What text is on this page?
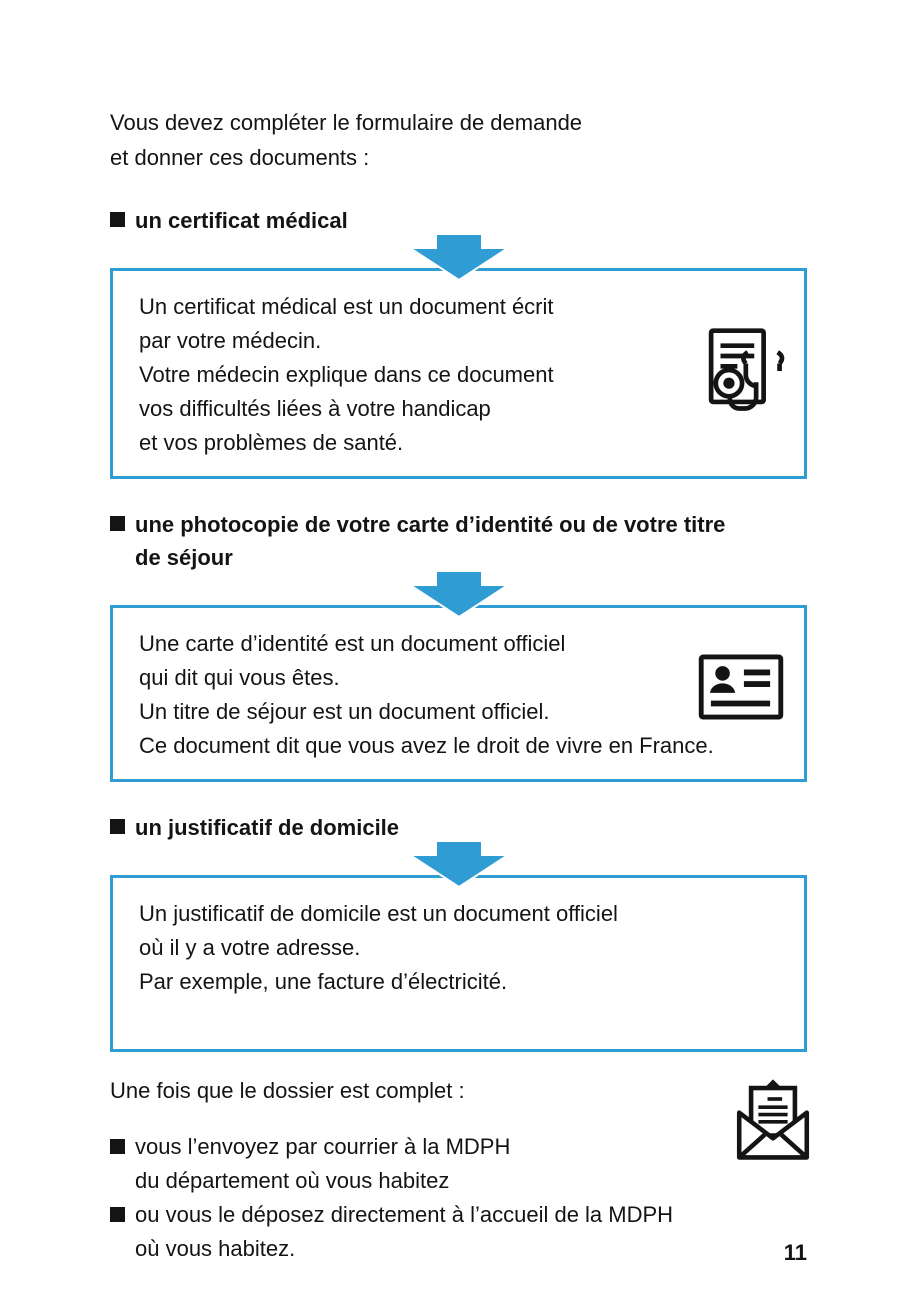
Vous devez compléter le formulaire de demande
et donner ces documents :
un certificat médical
Un certificat médical est un document écrit
par votre médecin.
Votre médecin explique dans ce document
vos difficultés liées à votre handicap
et vos problèmes de santé.
une photocopie de votre carte d’identité ou de votre titre
de séjour
Une carte d’identité est un document officiel
qui dit qui vous êtes.
Un titre de séjour est un document officiel.
Ce document dit que vous avez le droit de vivre en France.
un justificatif de domicile
Un justificatif de domicile est un document officiel
où il y a votre adresse.
Par exemple, une facture d’électricité.

Une fois que le dossier est complet :
vous l’envoyez par courrier à la MDPH
du département où vous habitez
ou vous le déposez directement à l’accueil de la MDPH
où vous habitez.	11
